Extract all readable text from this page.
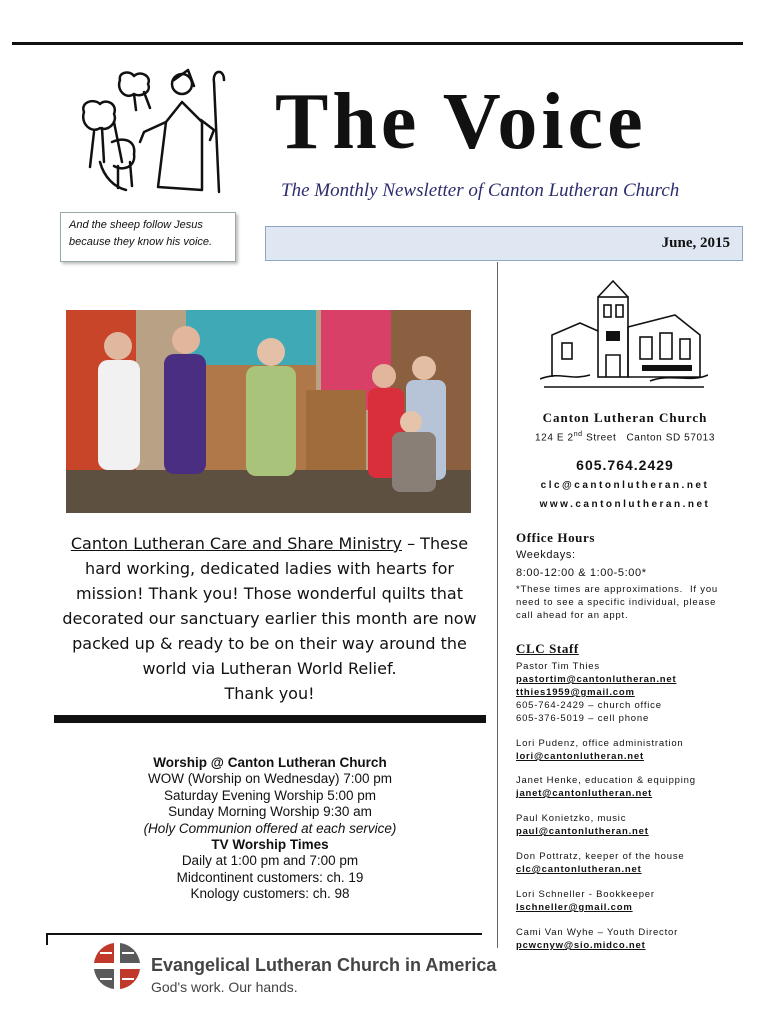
The Voice
The Monthly Newsletter of Canton Lutheran Church
And the sheep follow Jesus
because they know his voice.	June, 2015
Canton Lutheran Church
124 E 2nd Street   Canton SD 57013
605.764.2429
clc@cantonlutheran.net
www.cantonlutheran.net
Office Hours
Weekdays:
8:00-12:00 & 1:00-5:00*
*These times are approximations.  If you
need to see a specific individual, please
call ahead for an appt.
CLC Staff
Pastor Tim Thies
pastortim@cantonlutheran.net
tthies1959@gmail.com
605-764-2429 – church office
605-376-5019 – cell phone
Lori Pudenz, office administration
lori@cantonlutheran.net
Janet Henke, education & equipping
janet@cantonlutheran.net
Paul Konietzko, music
paul@cantonlutheran.net
Don Pottratz, keeper of the house
clc@cantonlutheran.net
Lori Schneller - Bookkeeper
lschneller@gmail.com
Cami Van Wyhe – Youth Director
pcwcnyw@sio.midco.net
Canton Lutheran Care and Share Ministry – These hard working, dedicated ladies with hearts for mission! Thank you! Those wonderful quilts that decorated our sanctuary earlier this month are now packed up & ready to be on their way around the world via Lutheran World Relief.
Thank you!
Worship @ Canton Lutheran Church
WOW (Worship on Wednesday) 7:00 pm
Saturday Evening Worship 5:00 pm
Sunday Morning Worship 9:30 am
(Holy Communion offered at each service)
TV Worship Times
Daily at 1:00 pm and 7:00 pm
Midcontinent customers: ch. 19
Knology customers: ch. 98
Evangelical Lutheran Church in America
God's work. Our hands.
